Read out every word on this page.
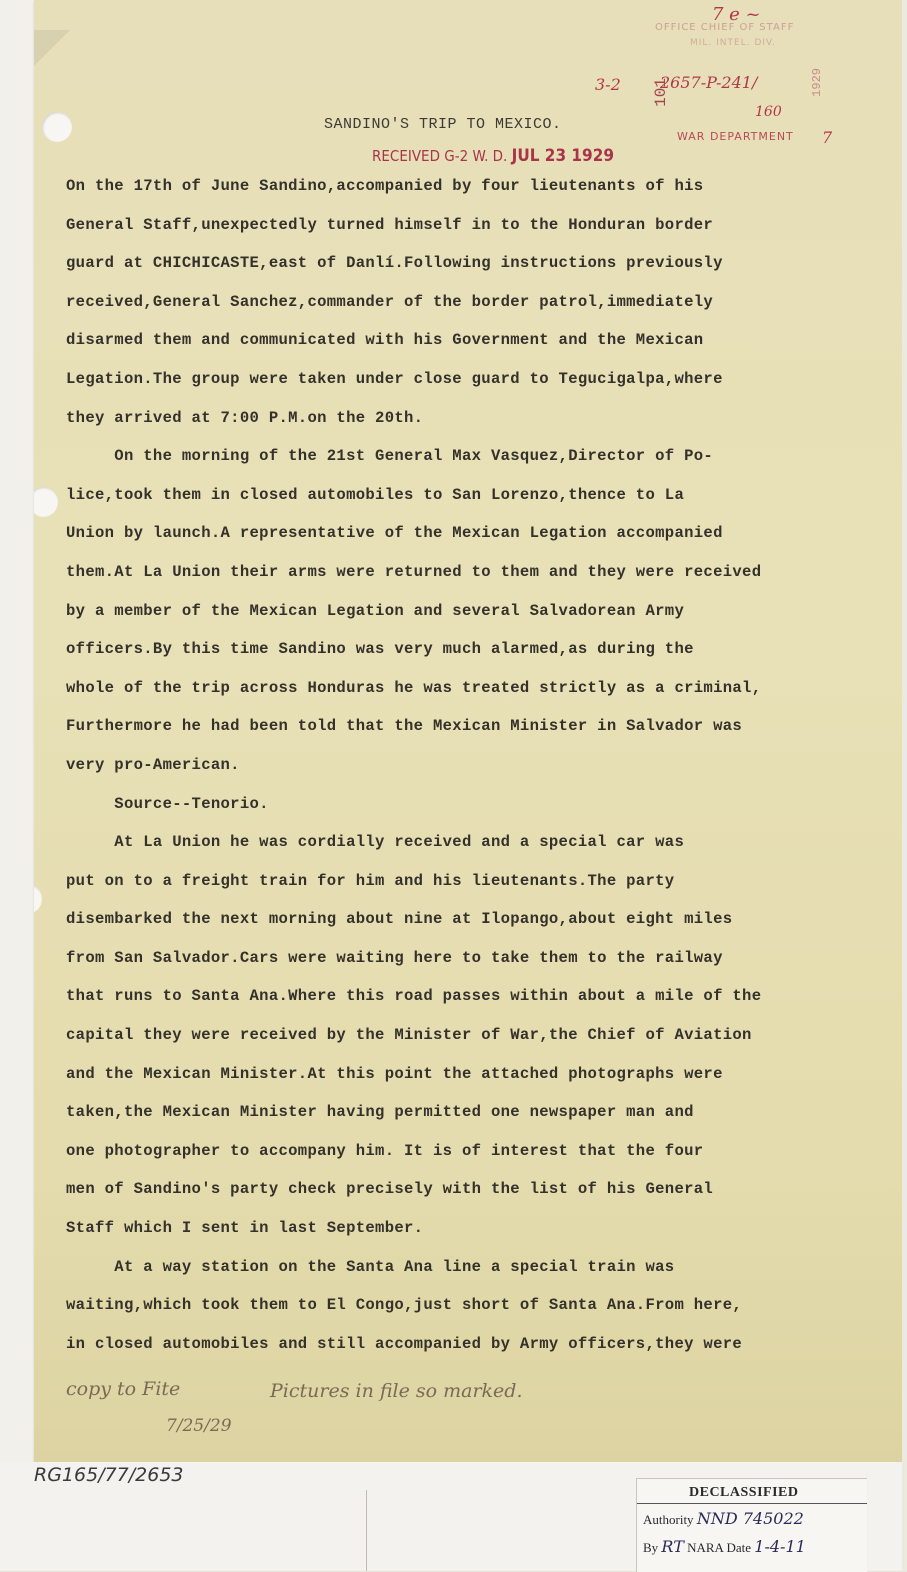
OFFICE CHIEF OF STAFF
MIL. INTEL. DIV.
7 e ~
3-2 2657-P-241/
160
101	1929
WAR DEPARTMENT 7
SANDINO'S TRIP TO MEXICO.
RECEIVED G-2 W. D. JUL 23 1929

On the 17th of June Sandino,accompanied by four lieutenants of his

General Staff,unexpectedly turned himself in to the Honduran border

guard at CHICHICASTE,east of Danlí.Following instructions previously

received,General Sanchez,commander of the border patrol,immediately

disarmed them and communicated with his Government and the Mexican

Legation.The group were taken under close guard to Tegucigalpa,where

they arrived at 7:00 P.M.on the 20th.

On the morning of the 21st General Max Vasquez,Director of Po-

lice,took them in closed automobiles to San Lorenzo,thence to La

Union by launch.A representative of the Mexican Legation accompanied

them.At La Union their arms were returned to them and they were received

by a member of the Mexican Legation and several Salvadorean Army

officers.By this time Sandino was very much alarmed,as during the

whole of the trip across Honduras he was treated strictly as a criminal,

Furthermore he had been told that the Mexican Minister in Salvador was

very pro-American.

Source--Tenorio.

At La Union he was cordially received and a special car was

put on to a freight train for him and his lieutenants.The party

disembarked the next morning about nine at Ilopango,about eight miles

from San Salvador.Cars were waiting here to take them to the railway

that runs to Santa Ana.Where this road passes within about a mile of the

capital they were received by the Minister of War,the Chief of Aviation

and the Mexican Minister.At this point the attached photographs were

taken,the Mexican Minister having permitted one newspaper man and

one photographer to accompany him. It is of interest that the four

men of Sandino's party check precisely with the list of his General

Staff which I sent in last September.

At a way station on the Santa Ana line a special train was

waiting,which took them to El Congo,just short of Santa Ana.From here,

in closed automobiles and still accompanied by Army officers,they were

copy to Fite
7/25/29
Pictures in file so marked.
RG165/77/2653
DECLASSIFIED
Authority NND 745022
By RT NARA Date 1-4-11
